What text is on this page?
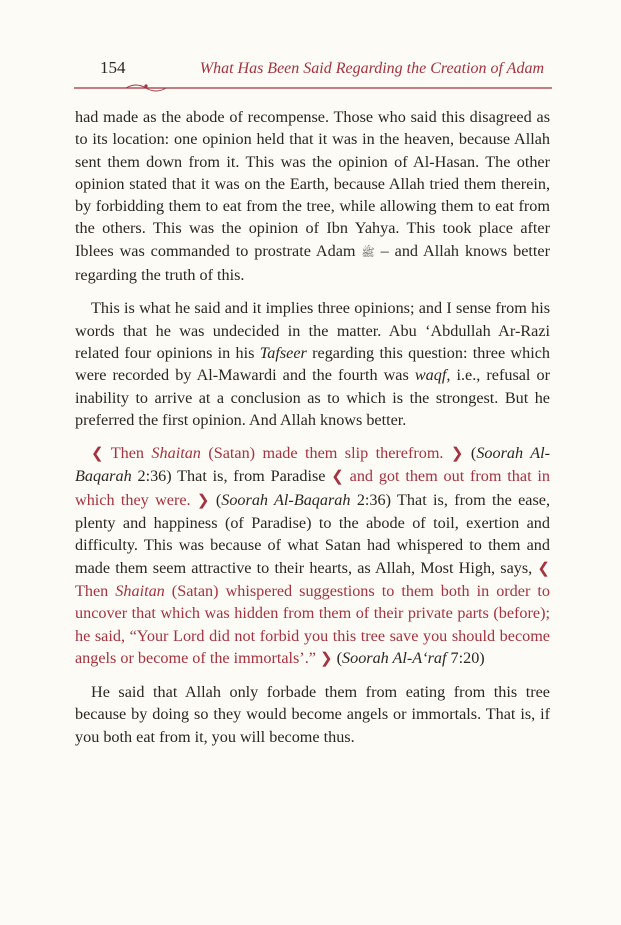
154	What Has Been Said Regarding the Creation of Adam

had made as the abode of recompense. Those who said this disagreed as to its location: one opinion held that it was in the heaven, because Allah sent them down from it. This was the opinion of Al-Hasan. The other opinion stated that it was on the Earth, because Allah tried them therein, by forbidding them to eat from the tree, while allowing them to eat from the others. This was the opinion of Ibn Yahya. This took place after Iblees was commanded to prostrate Adam ﷺ – and Allah knows better regarding the truth of this.

This is what he said and it implies three opinions; and I sense from his words that he was undecided in the matter. Abu ‘Abdullah Ar-Razi related four opinions in his Tafseer regarding this question: three which were recorded by Al-Mawardi and the fourth was waqf, i.e., refusal or inability to arrive at a conclusion as to which is the strongest. But he preferred the first opinion. And Allah knows better.

❮ Then Shaitan (Satan) made them slip therefrom. ❯ (Soorah Al-Baqarah 2:36) That is, from Paradise ❮ and got them out from that in which they were. ❯ (Soorah Al-Baqarah 2:36) That is, from the ease, plenty and happiness (of Paradise) to the abode of toil, exertion and difficulty. This was because of what Satan had whispered to them and made them seem attractive to their hearts, as Allah, Most High, says, ❮ Then Shaitan (Satan) whispered suggestions to them both in order to uncover that which was hidden from them of their private parts (before); he said, “Your Lord did not forbid you this tree save you should become angels or become of the immortals’.” ❯ (Soorah Al-A‘raf 7:20)

He said that Allah only forbade them from eating from this tree because by doing so they would become angels or immortals. That is, if you both eat from it, you will become thus.
